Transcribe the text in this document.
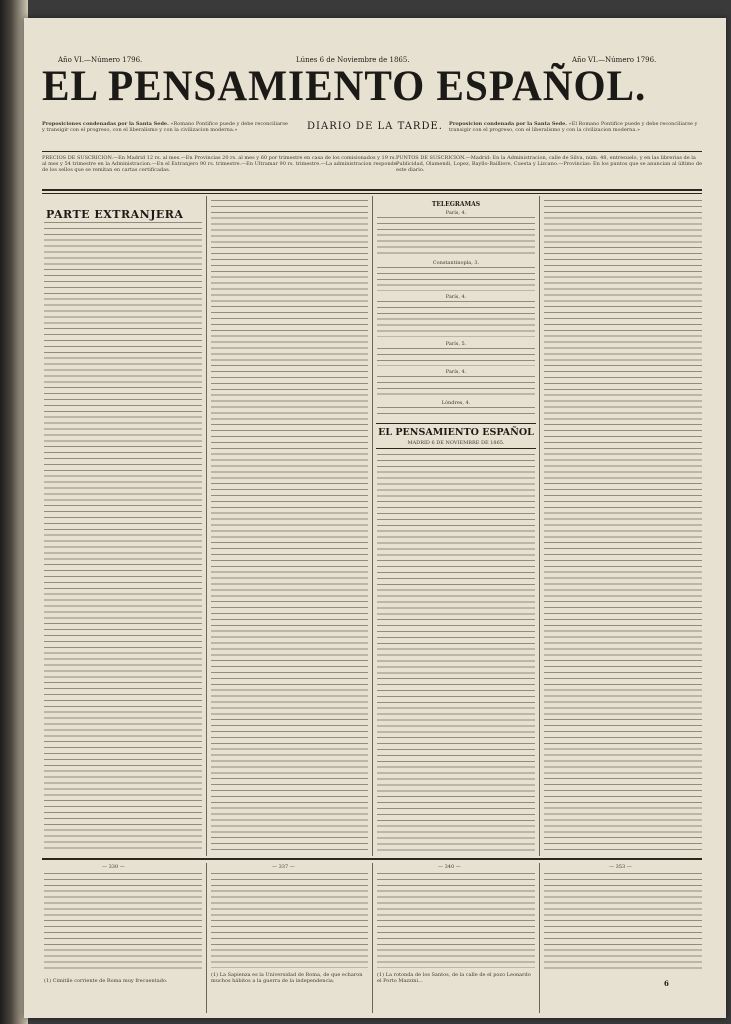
Año VI.—Número 1796.	Lúnes 6 de Noviembre de 1865.	Año VI.—Número 1796.
EL PENSAMIENTO ESPAÑOL.
Proposiciones condenadas por la Santa Sede. «Romano Pontifice puede y debe reconciliarse y transigir con el progreso, con el liberalismo y con la civilizacion moderna.»	DIARIO DE LA TARDE. Proposicion condenada por la Santa Sede. «El Romano Pontifice puede y debe reconciliarse y transigir con el progreso, con el liberalismo y con la civilizacion moderna.»
PRECIOS DE SUSCRICION.—En Madrid 12 rs. al mes.—En Provincias 20 rs. al mes y 60 por trimestre en casa de los comisionados y 19 rs. al mes y 54 trimestre en la Administracion.—En el Extranjero 90 rs. trimestre.—En Ultramar 90 rs. trimestre.—La administracion responde de los sellos que se remitan en cartas certificadas.
PUNTOS DE SUSCRICION.—Madrid: En la Administracion, calle de Silva, núm. 48, entresuelo, y en las librerias de la Publicidad, Olamendi, Lopez, Bayllo-Bailliere, Cuesta y Lizcano.—Provincias: En los puntos que se anuncian al último de este diario.
PARTE EXTRANJERA
TELEGRAMAS
París, 4.
Constantinopla, 3.
París, 4.
París, 5.
París, 4.
Lóndres, 4.
EL PENSAMIENTO ESPAÑOL
MADRID 6 DE NOVIEMBRE DE 1865.
— 330 —	— 337 —	— 340 —	— 353 —
(1) Cimitile corriente de Roma muy frecuentado.
(1) La Sapienza es la Universidad de Roma, de que echaron muchos hábitos a la guerra de la independencia.
(1) La rotonda de los Santos, de la calle de el pozo Leonardo el Porto Mazzini...	6
